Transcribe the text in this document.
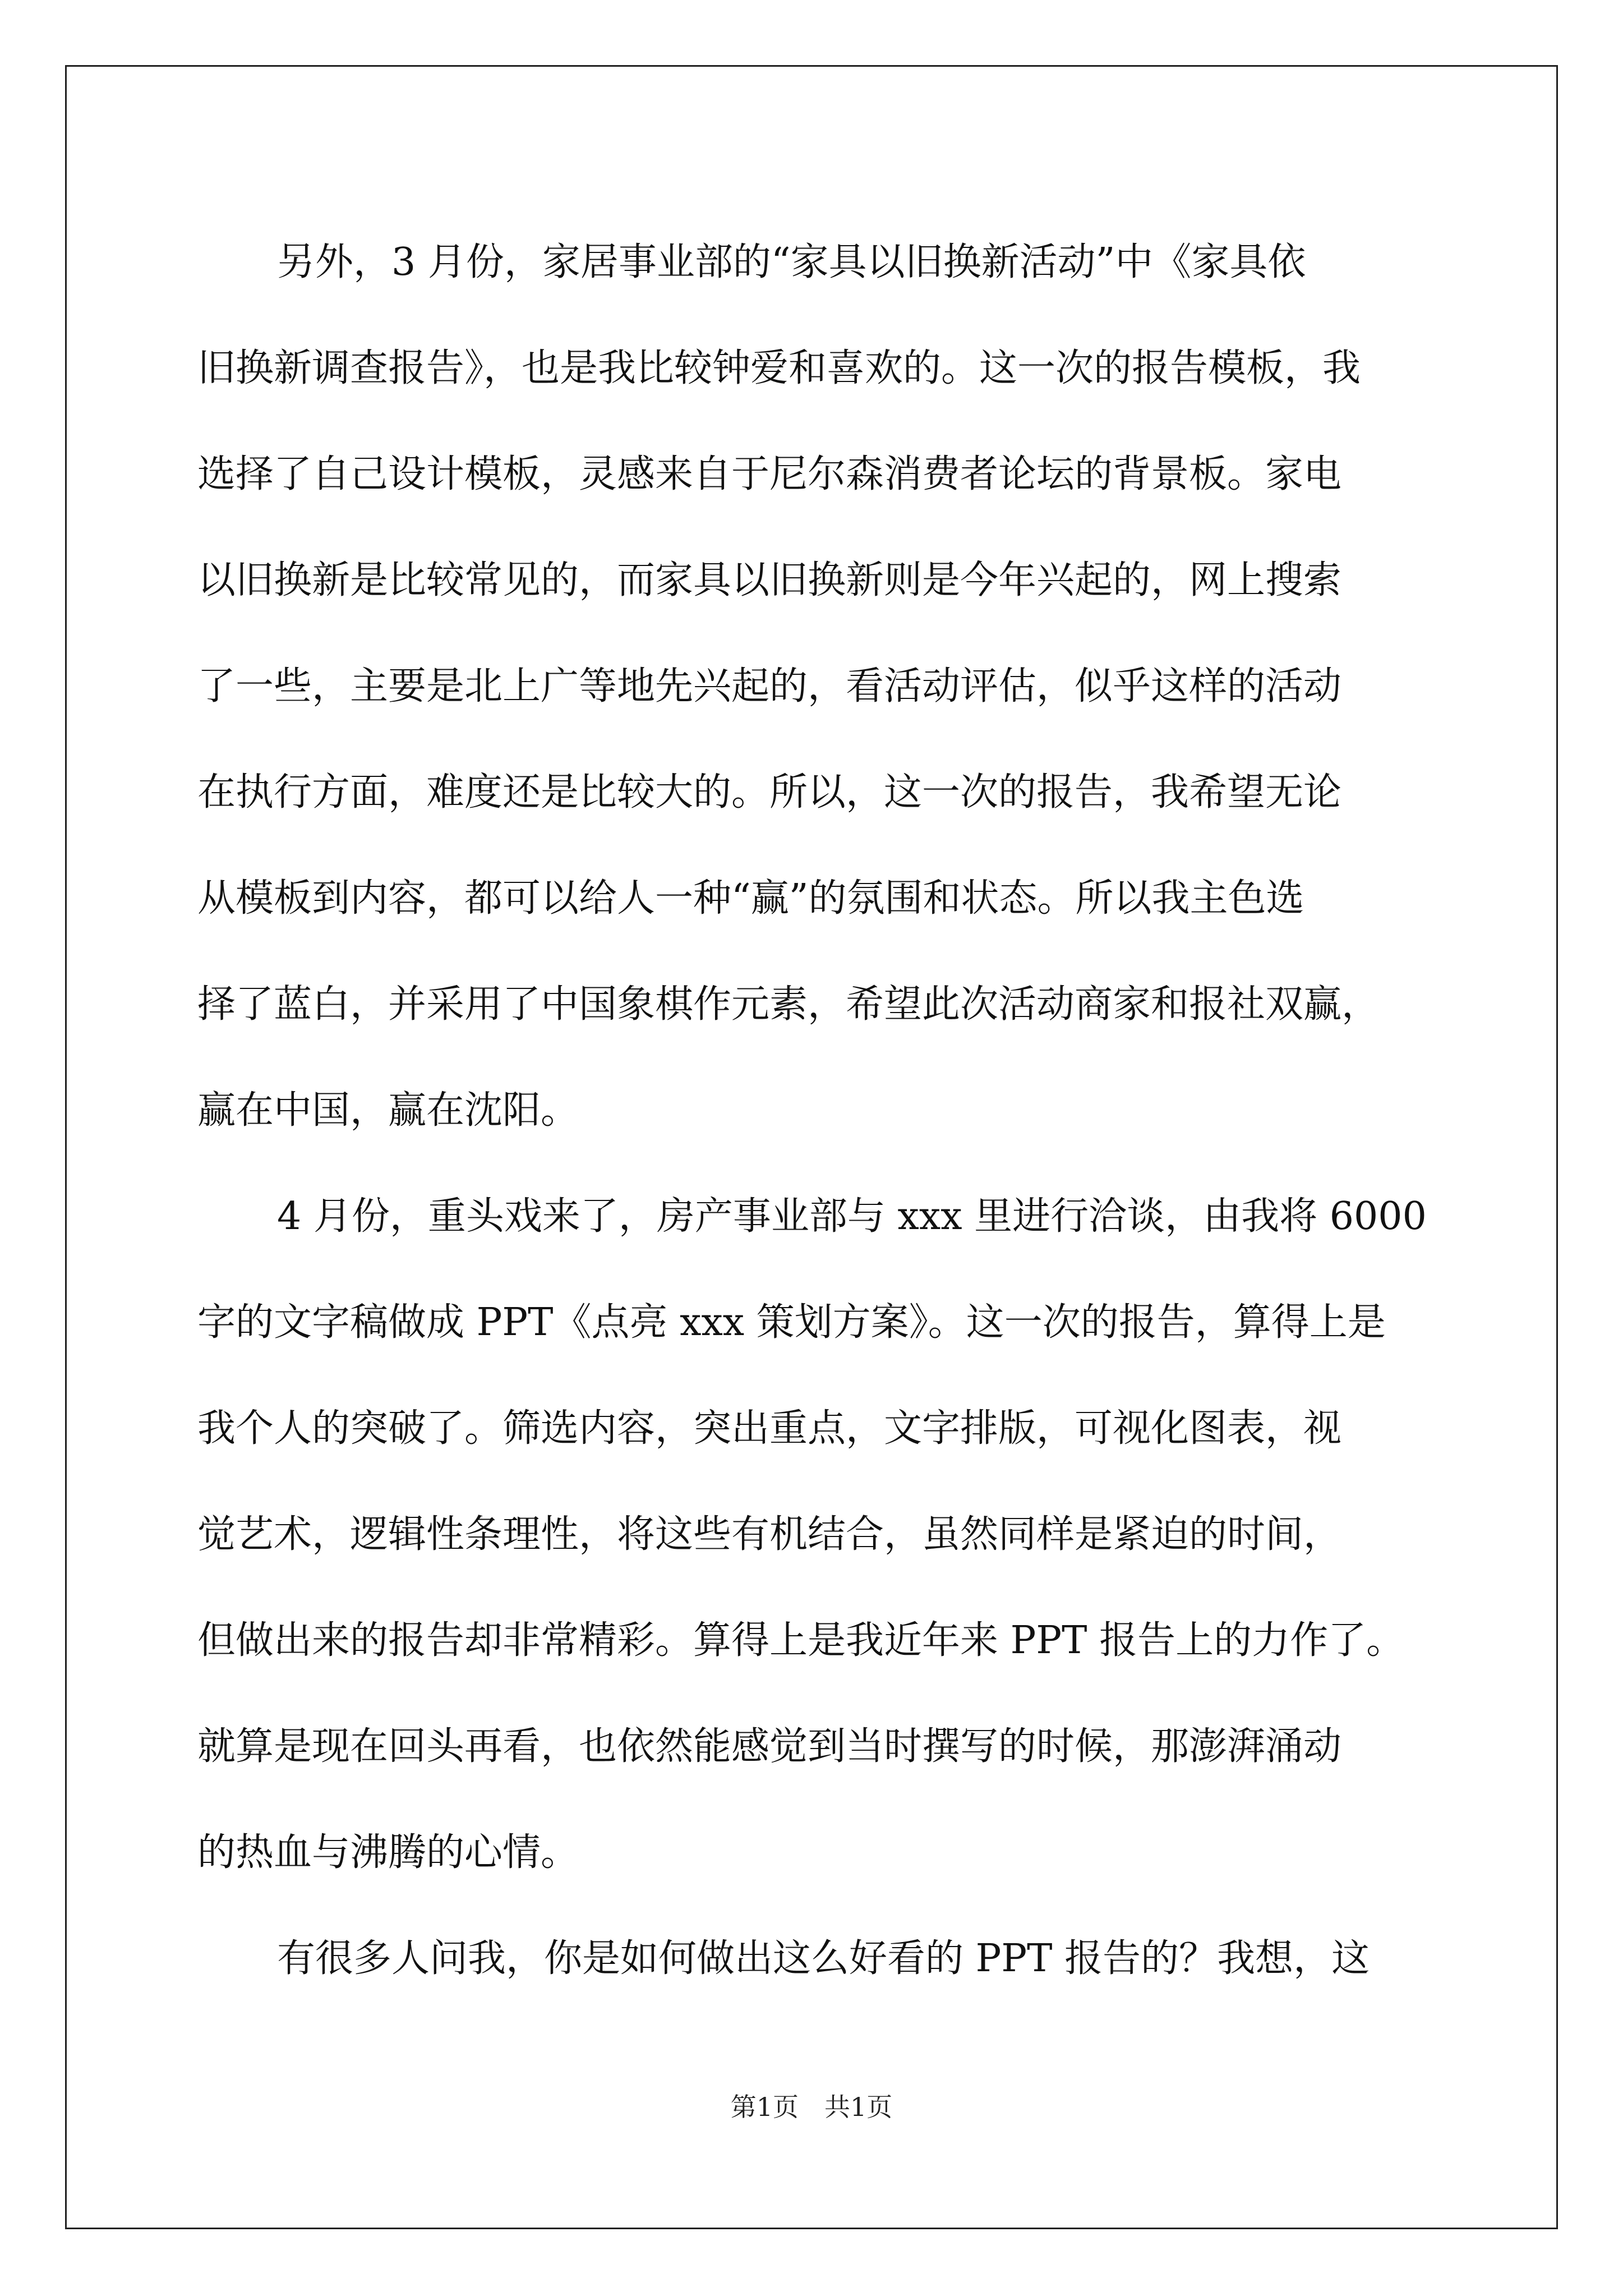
另外，3 月份，家居事业部的“家具以旧换新活动”中《家具依
旧换新调查报告》，也是我比较钟爱和喜欢的。这一次的报告模板，我
选择了自己设计模板，灵感来自于尼尔森消费者论坛的背景板。家电
以旧换新是比较常见的，而家具以旧换新则是今年兴起的，网上搜索
了一些，主要是北上广等地先兴起的，看活动评估，似乎这样的活动
在执行方面，难度还是比较大的。所以，这一次的报告，我希望无论
从模板到内容，都可以给人一种“赢”的氛围和状态。所以我主色选
择了蓝白，并采用了中国象棋作元素，希望此次活动商家和报社双赢，
赢在中国，赢在沈阳。
4 月份，重头戏来了，房产事业部与 xxx 里进行洽谈，由我将 6000
字的文字稿做成 PPT《点亮 xxx 策划方案》。这一次的报告，算得上是
我个人的突破了。筛选内容，突出重点，文字排版，可视化图表，视
觉艺术，逻辑性条理性，将这些有机结合，虽然同样是紧迫的时间，
但做出来的报告却非常精彩。算得上是我近年来 PPT 报告上的力作了。
就算是现在回头再看，也依然能感觉到当时撰写的时候，那澎湃涌动
的热血与沸腾的心情。
有很多人问我，你是如何做出这么好看的 PPT 报告的？我想，这
第1页　共1页
